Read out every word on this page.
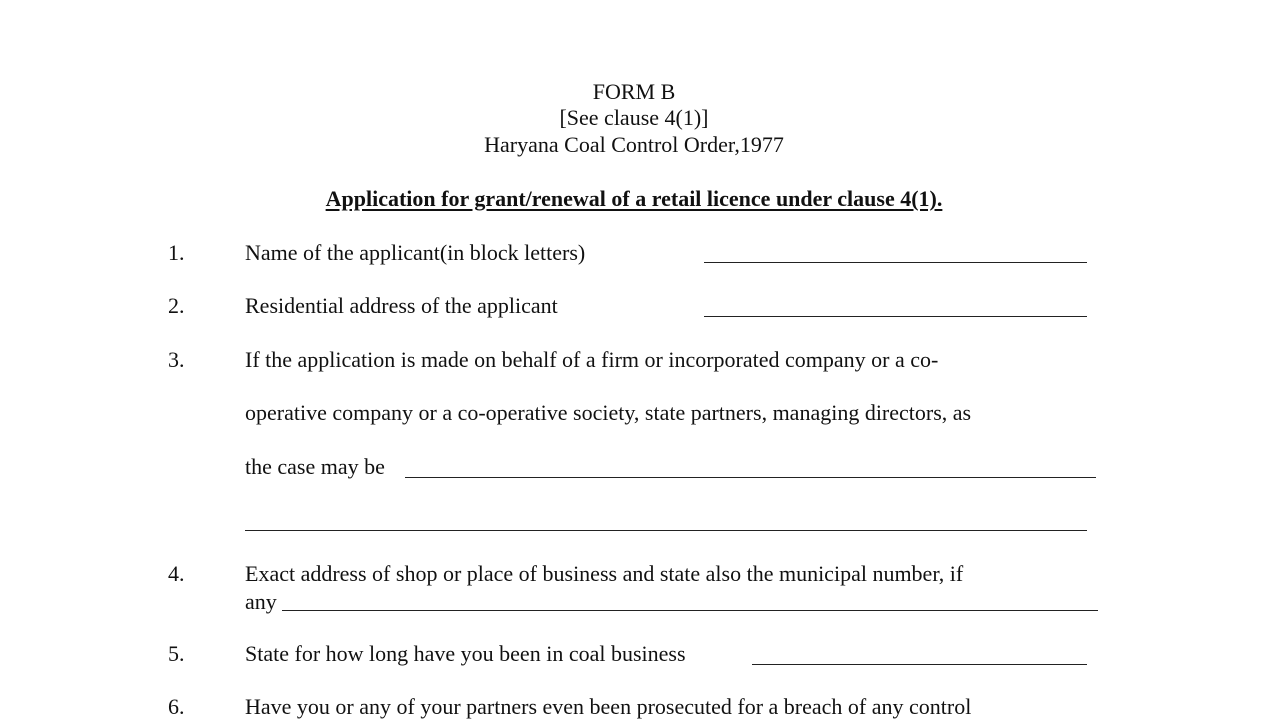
FORM B
[See clause 4(1)]
Haryana Coal Control Order,1977
Application for grant/renewal of a retail licence under clause 4(1).
1.	Name of the applicant(in block letters)
2.	Residential address of the applicant
3.	If the application is made on behalf of a firm or incorporated company or a co-
operative company or a co-operative society, state partners, managing directors, as
the case may be
4.	Exact address of shop or place of business and state also the municipal number, if
any
5.	State for how long have you been in coal business
6.	Have you or any of your partners even been prosecuted for a breach of any control
